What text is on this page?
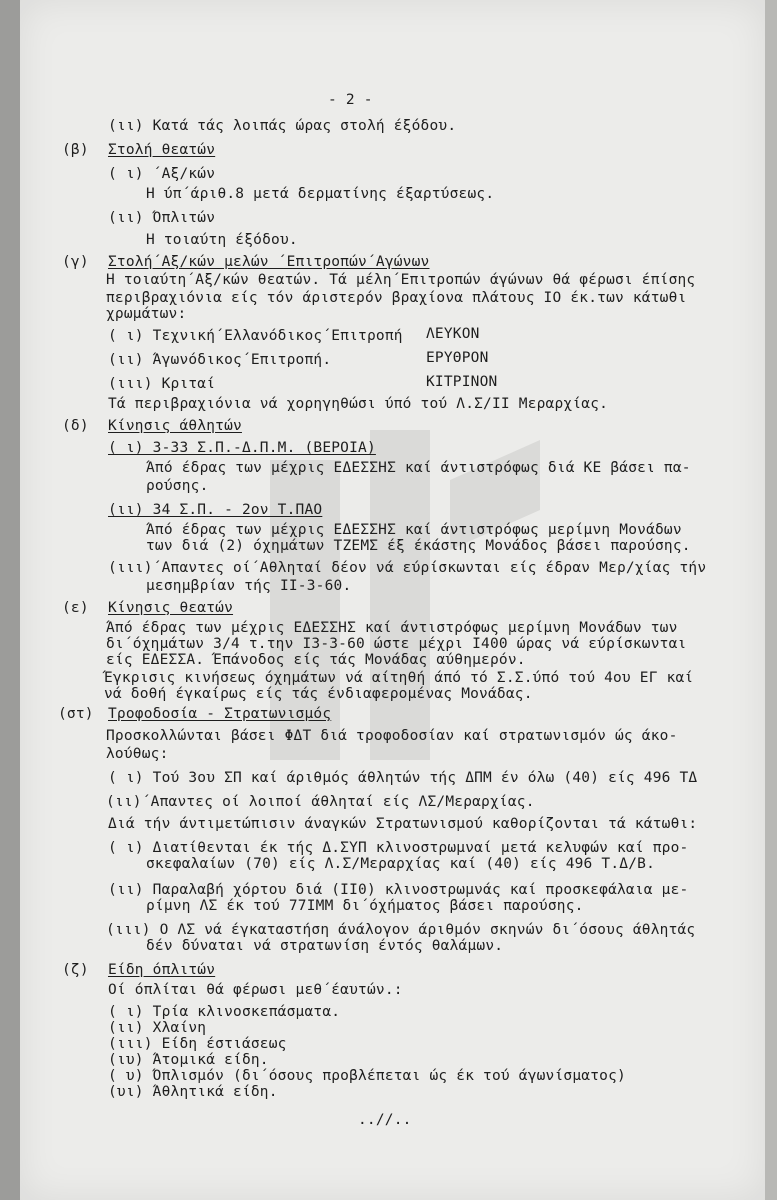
- 2 -
(ιι) Κατά τάς λοιπάς ώρας στολή έξόδου.
(β) Στολή θεατών
( ι) ΄Αξ/κών
Η ύπ΄άριθ.8 μετά δερματίνης έξαρτύσεως.
(ιι) Όπλιτών
Η τοιαύτη έξόδου.
(γ) Στολή΄Αξ/κών μελών ΄Επιτροπών΄Αγώνων
Η τοιαύτη΄Αξ/κών θεατών. Τά μέλη΄Επιτροπών άγώνων θά φέρωσι έπίσης
περιβραχιόνια είς τόν άριστερόν βραχίονα πλάτους ΙΟ έκ.των κάτωθι
χρωμάτων:
( ι) Τεχνική΄Ελλανόδικος΄Επιτροπή ΛΕΥΚΟΝ
(ιι) Άγωνόδικος΄Επιτροπή.	ΕΡΥΘΡΟΝ
(ιιι) Κριταί	ΚΙΤΡΙΝΟΝ
Τά περιβραχιόνια νά χορηγηθώσι ύπό τού Λ.Σ/ΙΙ Μεραρχίας.
(δ) Κίνησις άθλητών
( ι) 3-33 Σ.Π.-Δ.Π.Μ. (ΒΕΡΟΙΑ)
Άπό έδρας των μέχρις ΕΔΕΣΣΗΣ καί άντιστρόφως διά ΚΕ βάσει πα-
ρούσης.
(ιι) 34 Σ.Π. - 2ον Τ.ΠΑΟ
Άπό έδρας των μέχρις ΕΔΕΣΣΗΣ καί άντιστρόφως μερίμνη Μονάδων
των διά (2) όχημάτων ΤΖΕΜΣ έξ έκάστης Μονάδος βάσει παρούσης.
(ιιι)΄Απαντες οί΄Αθληταί δέον νά εύρίσκωνται είς έδραν Μερ/χίας τήν
μεσημβρίαν τής ΙΙ-3-60.
(ε) Κίνησις θεατών
Άπό έδρας των μέχρις ΕΔΕΣΣΗΣ καί άντιστρόφως μερίμνη Μονάδων των
δι΄όχημάτων 3/4 τ.την Ι3-3-60 ώστε μέχρι Ι400 ώρας νά εύρίσκωνται
είς ΕΔΕΣΣΑ. Έπάνοδος είς τάς Μονάδας αύθημερόν.
Έγκρισις κινήσεως όχημάτων νά αίτηθή άπό τό Σ.Σ.ύπό τού 4ου ΕΓ καί
νά δοθή έγκαίρως είς τάς ένδιαφερομένας Μονάδας.
(στ) Τροφοδοσία - Στρατωνισμός
Προσκολλώνται βάσει ΦΔΤ διά τροφοδοσίαν καί στρατωνισμόν ώς άκο-
λούθως:
( ι) Τού 3ου ΣΠ καί άριθμός άθλητών τής ΔΠΜ έν όλω (40) είς 496 ΤΔ
(ιι)΄Απαντες οί λοιποί άθληταί είς ΛΣ/Μεραρχίας.
Διά τήν άντιμετώπισιν άναγκών Στρατωνισμού καθορίζονται τά κάτωθι:
( ι) Διατίθενται έκ τής Δ.ΣΥΠ κλινοστρωμναί μετά κελυφών καί προ-
σκεφαλαίων (70) είς Λ.Σ/Μεραρχίας καί (40) είς 496 Τ.Δ/Β.
(ιι) Παραλαβή χόρτου διά (ΙΙ0) κλινοστρωμνάς καί προσκεφάλαια με-
ρίμνη ΛΣ έκ τού 77ΙΜΜ δι΄όχήματος βάσει παρούσης.
(ιιι) Ο ΛΣ νά έγκαταστήση άνάλογον άριθμόν σκηνών δι΄όσους άθλητάς
δέν δύναται νά στρατωνίση έντός θαλάμων.
(ζ) Είδη όπλιτών
Οί όπλίται θά φέρωσι μεθ΄έαυτών.:
( ι) Τρία κλινοσκεπάσματα.
(ιι) Χλαίνη
(ιιι) Είδη έστιάσεως
(ιυ) Άτομικά είδη.
( υ) Όπλισμόν (δι΄όσους προβλέπεται ώς έκ τού άγωνίσματος)
(υι) Άθλητικά είδη.
..//..
